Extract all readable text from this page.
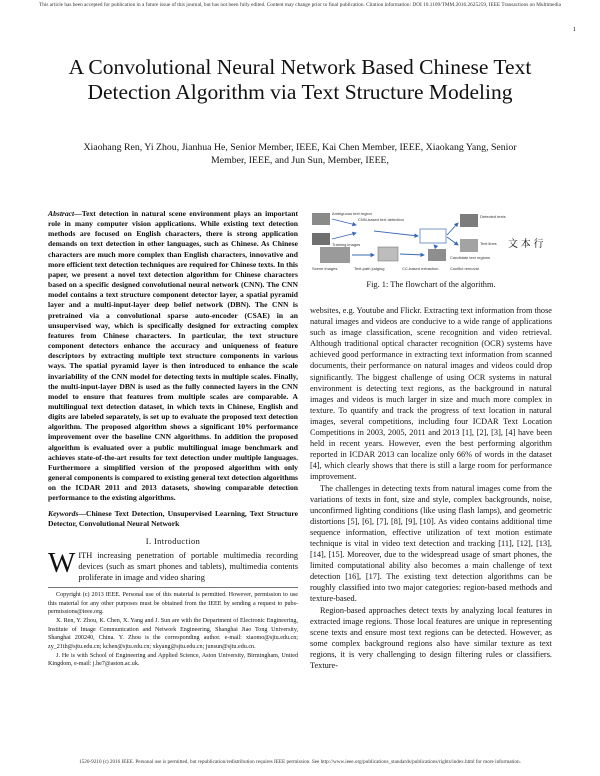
This article has been accepted for publication in a future issue of this journal, but has not been fully edited. Content may change prior to final publication. Citation information: DOI 10.1109/TMM.2016.2625259, IEEE Transactions on Multimedia
1
A Convolutional Neural Network Based Chinese Text Detection Algorithm via Text Structure Modeling
Xiaohang Ren, Yi Zhou, Jianhua He, Senior Member, IEEE, Kai Chen Member, IEEE, Xiaokang Yang, Senior Member, IEEE, and Jun Sun, Member, IEEE,

Abstract—Text detection in natural scene environment plays an important role in many computer vision applications. While existing text detection methods are focused on English characters, there is strong application demands on text detection in other languages, such as Chinese. As Chinese characters are much more complex than English characters, innovative and more efficient text detection techniques are required for Chinese texts. In this paper, we present a novel text detection algorithm for Chinese characters based on a specific designed convolutional neural network (CNN). The CNN model contains a text structure component detector layer, a spatial pyramid layer and a multi-input-layer deep belief network (DBN). The CNN is pretrained via a convolutional sparse auto-encoder (CSAE) in an unsupervised way, which is specifically designed for extracting complex features from Chinese characters. In particular, the text structure component detectors enhance the accuracy and uniqueness of feature descriptors by extracting multiple text structure components in various ways. The spatial pyramid layer is then introduced to enhance the scale invariability of the CNN model for detecting texts in multiple scales. Finally, the multi-input-layer DBN is used as the fully connected layers in the CNN model to ensure that features from multiple scales are comparable. A multilingual text detection dataset, in which texts in Chinese, English and digits are labeled separately, is set up to evaluate the proposed text detection algorithm. The proposed algorithm shows a significant 10% performance improvement over the baseline CNN algorithms. In addition the proposed algorithm is evaluated over a public multilingual image benchmark and achieves state-of-the-art results for text detection under multiple languages. Furthermore a simplified version of the proposed algorithm with only general components is compared to existing general text detection algorithms on the ICDAR 2011 and 2013 datasets, showing comparable detection performance to the existing algorithms.

Keywords—Chinese Text Detection, Unsupervised Learning, Text Structure Detector, Convolutional Neural Network

I. Introduction

WITH increasing penetration of portable multimedia recording devices (such as smart phones and tablets), multimedia contents proliferate in image and video sharing

Copyright (c) 2013 IEEE. Personal use of this material is permitted. However, permission to use this material for any other purposes must be obtained from the IEEE by sending a request to pubs-permissions@ieee.org.

X. Ren, Y. Zhou, K. Chen, X. Yang and J. Sun are with the Department of Electronic Engineering, Institute of Image Communication and Network Engineering, Shanghai Jiao Tong University, Shanghai 200240, China. Y. Zhou is the corresponding author. e-mail: xiaomo@sjtu.edu.cn; zy_21th@sjtu.edu.cn; kchen@sjtu.edu.cn; xkyang@sjtu.edu.cn; junsun@sjtu.edu.cn.

J. He is with School of Engineering and Applied Science, Aston University, Birmingham, United Kingdom, e-mail: j.he7@aston.ac.uk.

Ambiguous text region
CNN-based text detection
Training images
Detected texts
Scene images	Text-path judging
Text lines 文 本 行
Candidate text regions
CC-based extraction	Conflict removal
Fig. 1: The flowchart of the algorithm.

websites, e.g. Youtube and Flickr. Extracting text information from those natural images and videos are conducive to a wide range of applications such as image classification, scene recognition and video retrieval. Although traditional optical character recognition (OCR) systems have achieved good performance in extracting text information from scanned documents, their performance on natural images and videos could drop significantly. The biggest challenge of using OCR systems in natural environment is detecting text regions, as the background in natural images and videos is much larger in size and much more complex in texture. To quantify and track the progress of text location in natural images, several competitions, including four ICDAR Text Location Competitions in 2003, 2005, 2011 and 2013 [1], [2], [3], [4] have been held in recent years. However, even the best performing algorithm reported in ICDAR 2013 can localize only 66% of words in the dataset [4], which clearly shows that there is still a large room for performance improvement.

The challenges in detecting texts from natural images come from the variations of texts in font, size and style, complex backgrounds, noise, unconfirmed lighting conditions (like using flash lamps), and geometric distortions [5], [6], [7], [8], [9], [10]. As video contains additional time sequence information, effective utilization of text motion estimate technique is vital in video text detection and tracking [11], [12], [13], [14], [15]. Moreover, due to the widespread usage of smart phones, the limited computational ability also becomes a main challenge of text detection [16], [17]. The existing text detection algorithms can be roughly classified into two major categories: region-based methods and texture-based.

Region-based approaches detect texts by analyzing local features in extracted image regions. Those local features are unique in representing scene texts and ensure most text regions can be detected. However, as some complex background regions also have similar texture as text regions, it is very challenging to design filtering rules or classifiers. Texture-

1520-9210 (c) 2016 IEEE. Personal use is permitted, but republication/redistribution requires IEEE permission. See http://www.ieee.org/publications_standards/publications/rights/index.html for more information.
